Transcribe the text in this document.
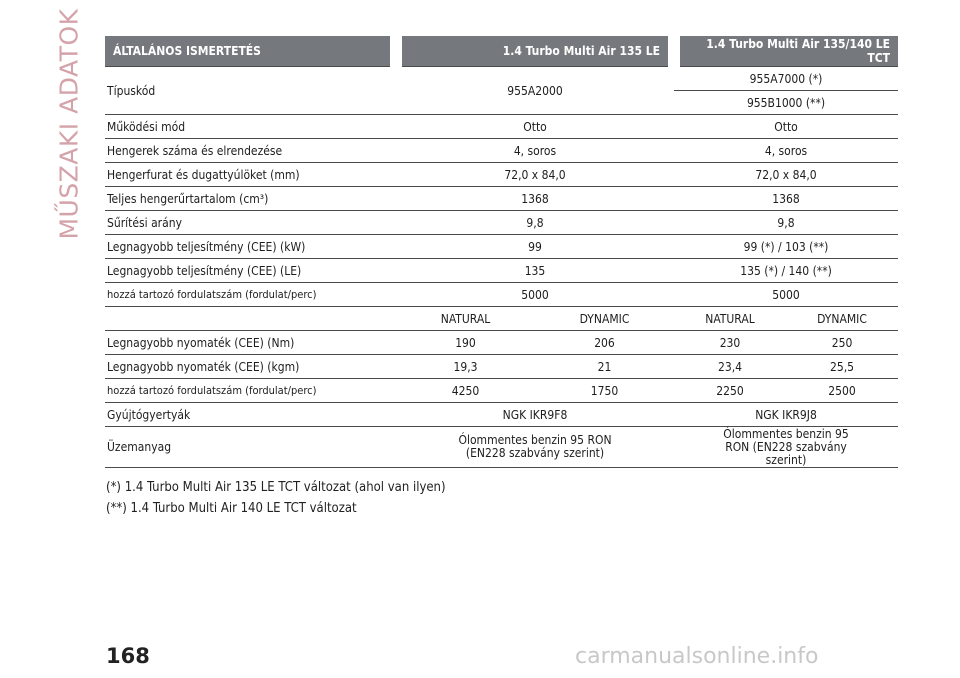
MŰSZAKI ADATOK ÁLTALÁNOS ISMERTETÉS	1.4 Turbo Multi Air 135 LE		1.4 Turbo Multi Air 135/140 LE TCT	
Típuskód	955A2000		955A7000 (*)	
			955B1000 (**)	
Működési mód	Otto		Otto	
Hengerek száma és elrendezése	4, soros		4, soros	
Hengerfurat és dugattyúlöket (mm)	72,0 x 84,0		72,0 x 84,0	
Teljes hengerűrtartalom (cm³)	1368		1368	
Sűrítési arány	9,8		9,8	
Legnagyobb teljesítmény (CEE) (kW)	99		99 (*) / 103 (**)	
Legnagyobb teljesítmény (CEE) (LE)	135		135 (*) / 140 (**)	
hozzá tartozó fordulatszám (fordulat/perc)	5000		5000	
	NATURAL	DYNAMIC	NATURAL	DYNAMIC
Legnagyobb nyomaték (CEE) (Nm)	190	206	230	250
Legnagyobb nyomaték (CEE) (kgm)	19,3	21	23,4	25,5
hozzá tartozó fordulatszám (fordulat/perc)	4250	1750	2250	2500
Gyújtógyertyák	NGK IKR9F8		NGK IKR9J8	
Üzemanyag	Ólommentes benzin 95 RON (EN228 szabvány szerint)		Ólommentes benzin 95 RON (EN228 szabvány szerint)	
(*) 1.4 Turbo Multi Air 135 LE TCT változat (ahol van ilyen)
(**) 1.4 Turbo Multi Air 140 LE TCT változat
168	carmanualsonline.info
